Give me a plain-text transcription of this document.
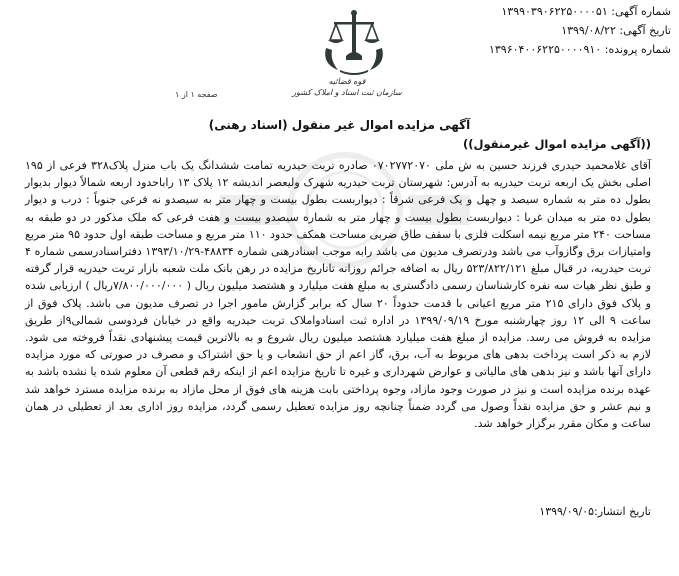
شماره آگهی: ۱۳۹۹۰۳۹۰۶۲۲۵۰۰۰۰۵۱
تاریخ آگهی: ۱۳۹۹/۰۸/۲۲
شماره پرونده: ۱۳۹۶۰۴۰۰۶۲۲۵۰۰۰۰۹۱۰
قوه قضائیه
سازمان ثبت اسناد و املاک کشور
صفحه ۱ از ۱
آگهی مزایده اموال غیر منقول (اسناد رهنی)
((آگهی مزایده اموال غیرمنقول))
آقای غلامحمید حیدری فرزند حسین به ش ملی ۰۷۰۲۷۷۲۰۷۰ صادره تربت حیدریه تمامت ششدانگ یک باب منزل پلاک۳۲۸ فرعی از ۱۹۵ اصلی بخش یک اربعه تربت حیدریه به آدرس: شهرستان تربت حیدریه شهرک ولیعصر اندیشه ۱۲ پلاک ۱۳ رابا‌حدود اربعه شمالاً دیوار بدیوار بطول ده متر به شماره سیصد و چهل و یک فرعی شرقاً : دیواربست بطول بیست و چهار متر به سیصدو نه فرعی جنوباً : درب و دیوار بطول ده متر به میدان غربا : دیواربست بطول بیست و چهار متر به شماره سیصدو بیست و هفت فرعی که ملک مذکور در دو طبقه به مساحت ۲۴۰ متر مربع نیمه اسکلت فلزی با سقف طاق ضربی مساحت همکف حدود ۱۱۰ متر مربع و مساحت طبقه اول حدود ۹۵ متر مربع وامتیازات برق وگازوآب می باشد ودرتصرف مدیون می باشد رابه موجب اسنادرهنی شماره ۴۸۸۳۴-۱۳۹۳/۱۰/۲۹ دفتراسنادرسمی شماره ۴ تربت حیدریه، در قبال مبلغ ۵۲۳/۸۲۲/۱۲۱ ریال به اضافه جرائم روزانه تاتاریخ مزایده در رهن بانک ملت شعبه بازار تربت حیدریه قرار گرفته و طبق نظر هیات سه نفره کارشناسان رسمی دادگستری به مبلغ هفت میلیارد و هشتصد میلیون ریال ( ۷/۸۰۰/۰۰۰/۰۰۰ریال ) ارزیابی شده و پلاک فوق دارای ۲۱۵ متر مربع اعیانی با قدمت حدوداً ۲۰ سال که برابر گزارش مامور اجرا در تصرف مدیون می باشد. پلاک فوق از ساعت ۹ الی ۱۲ روز چهارشنبه مورخ ۱۳۹۹/۰۹/۱۹ در اداره ثبت اسنادواملاک تربت حیدریه واقع در خیابان فردوسی شمالی۹از طریق مزایده به فروش می رسد. مزایده از مبلغ هفت میلیارد هشتصد میلیون ریال شروع و به بالاترین قیمت پیشنهادی نقداً فروخته می شود. لازم به ذکر است پرداخت بدهی های مربوط به آب، برق، گاز اعم از حق انشعاب و یا حق اشتراک و مصرف در صورتی که مورد مزایده دارای آنها باشد و نیز بدهی های مالیاتی و عوارض شهرداری و غیره تا تاریخ مزایده اعم از اینکه رقم قطعی آن معلوم شده یا نشده باشد به عهده برنده مزایده است و نیز در صورت وجود مازاد، وجوه پرداختی بابت هزینه های فوق از محل مازاد به برنده مزایده مسترد خواهد شد و نیم عشر و حق مزایده نقداً وصول می گردد ضمناً چنانچه روز مزایده تعطیل رسمی گردد، مزایده روز اداری بعد از تعطیلی در همان ساعت و مکان مقرر برگزار خواهد شد.
تاریخ انتشار:۱۳۹۹/۰۹/۰۵
